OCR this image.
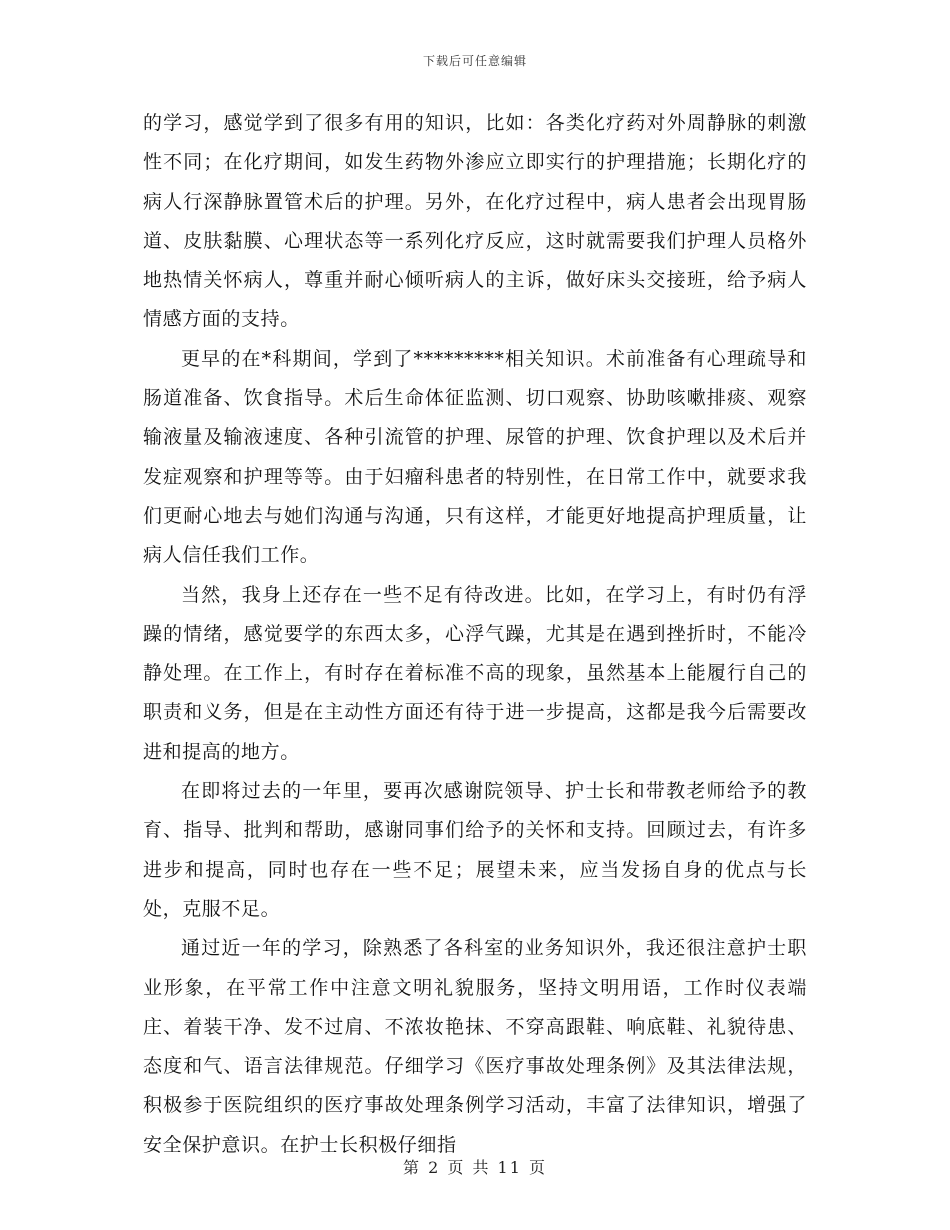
下载后可任意编辑

的学习，感觉学到了很多有用的知识，比如：各类化疗药对外周静脉的刺激性不同；在化疗期间，如发生药物外渗应立即实行的护理措施；长期化疗的病人行深静脉置管术后的护理。另外，在化疗过程中，病人患者会出现胃肠道、皮肤黏膜、心理状态等一系列化疗反应，这时就需要我们护理人员格外地热情关怀病人，尊重并耐心倾听病人的主诉，做好床头交接班，给予病人情感方面的支持。

更早的在*科期间，学到了*********相关知识。术前准备有心理疏导和肠道准备、饮食指导。术后生命体征监测、切口观察、协助咳嗽排痰、观察输液量及输液速度、各种引流管的护理、尿管的护理、饮食护理以及术后并发症观察和护理等等。由于妇瘤科患者的特别性，在日常工作中，就要求我们更耐心地去与她们沟通与沟通，只有这样，才能更好地提高护理质量，让病人信任我们工作。

当然，我身上还存在一些不足有待改进。比如，在学习上，有时仍有浮躁的情绪，感觉要学的东西太多，心浮气躁，尤其是在遇到挫折时，不能冷静处理。在工作上，有时存在着标准不高的现象，虽然基本上能履行自己的职责和义务，但是在主动性方面还有待于进一步提高，这都是我今后需要改进和提高的地方。

在即将过去的一年里，要再次感谢院领导、护士长和带教老师给予的教育、指导、批判和帮助，感谢同事们给予的关怀和支持。回顾过去，有许多进步和提高，同时也存在一些不足；展望未来，应当发扬自身的优点与长处，克服不足。

通过近一年的学习，除熟悉了各科室的业务知识外，我还很注意护士职业形象，在平常工作中注意文明礼貌服务，坚持文明用语，工作时仪表端庄、着装干净、发不过肩、不浓妆艳抹、不穿高跟鞋、响底鞋、礼貌待患、态度和气、语言法律规范。仔细学习《医疗事故处理条例》及其法律法规，积极参于医院组织的医疗事故处理条例学习活动，丰富了法律知识，增强了安全保护意识。在护士长积极仔细指

第 2 页 共 11 页
